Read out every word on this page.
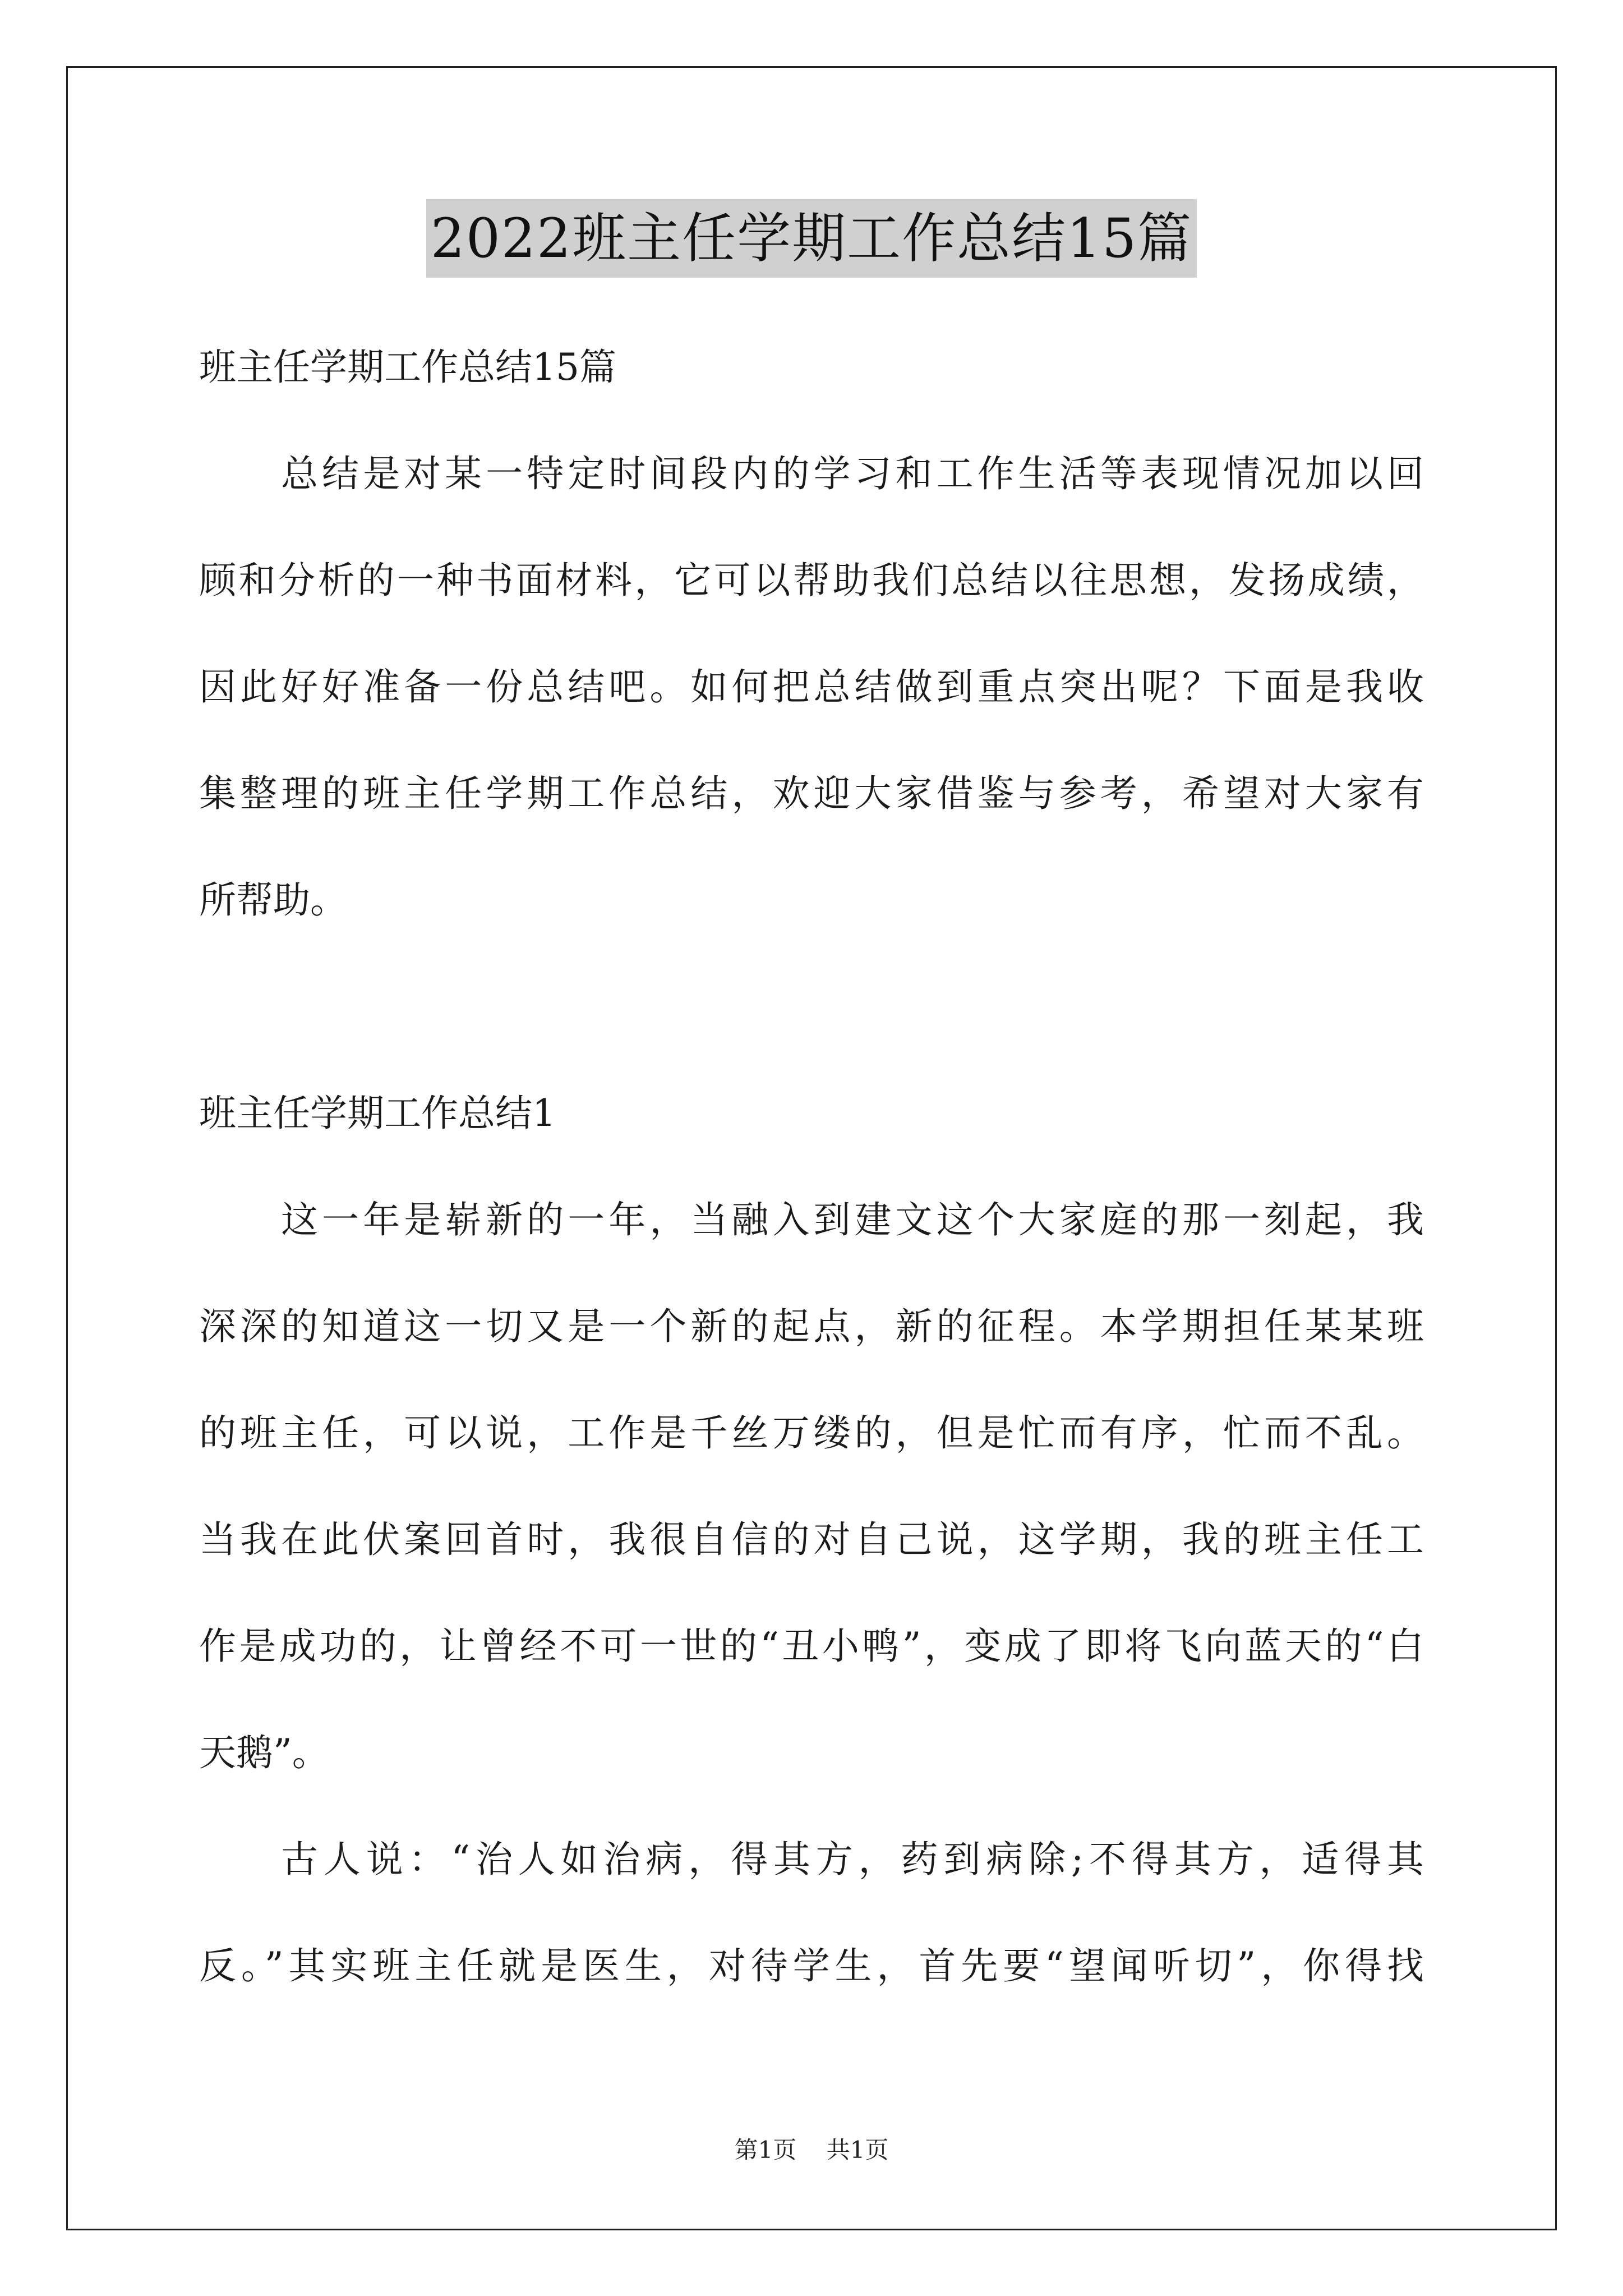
2022班主任学期工作总结15篇

班主任学期工作总结15篇

总结是对某一特定时间段内的学习和工作生活等表现情况加以回

顾和分析的一种书面材料，它可以帮助我们总结以往思想，发扬成绩，

因此好好准备一份总结吧。如何把总结做到重点突出呢？下面是我收

集整理的班主任学期工作总结，欢迎大家借鉴与参考，希望对大家有

所帮助。

班主任学期工作总结1

这一年是崭新的一年，当融入到建文这个大家庭的那一刻起，我

深深的知道这一切又是一个新的起点，新的征程。本学期担任某某班

的班主任，可以说，工作是千丝万缕的，但是忙而有序，忙而不乱。

当我在此伏案回首时，我很自信的对自己说，这学期，我的班主任工

作是成功的，让曾经不可一世的“丑小鸭”，变成了即将飞向蓝天的“白

天鹅”。

古人说：“治人如治病，得其方，药到病除;不得其方，适得其

反。”其实班主任就是医生，对待学生，首先要“望闻听切”，你得找

第1页 共1页
